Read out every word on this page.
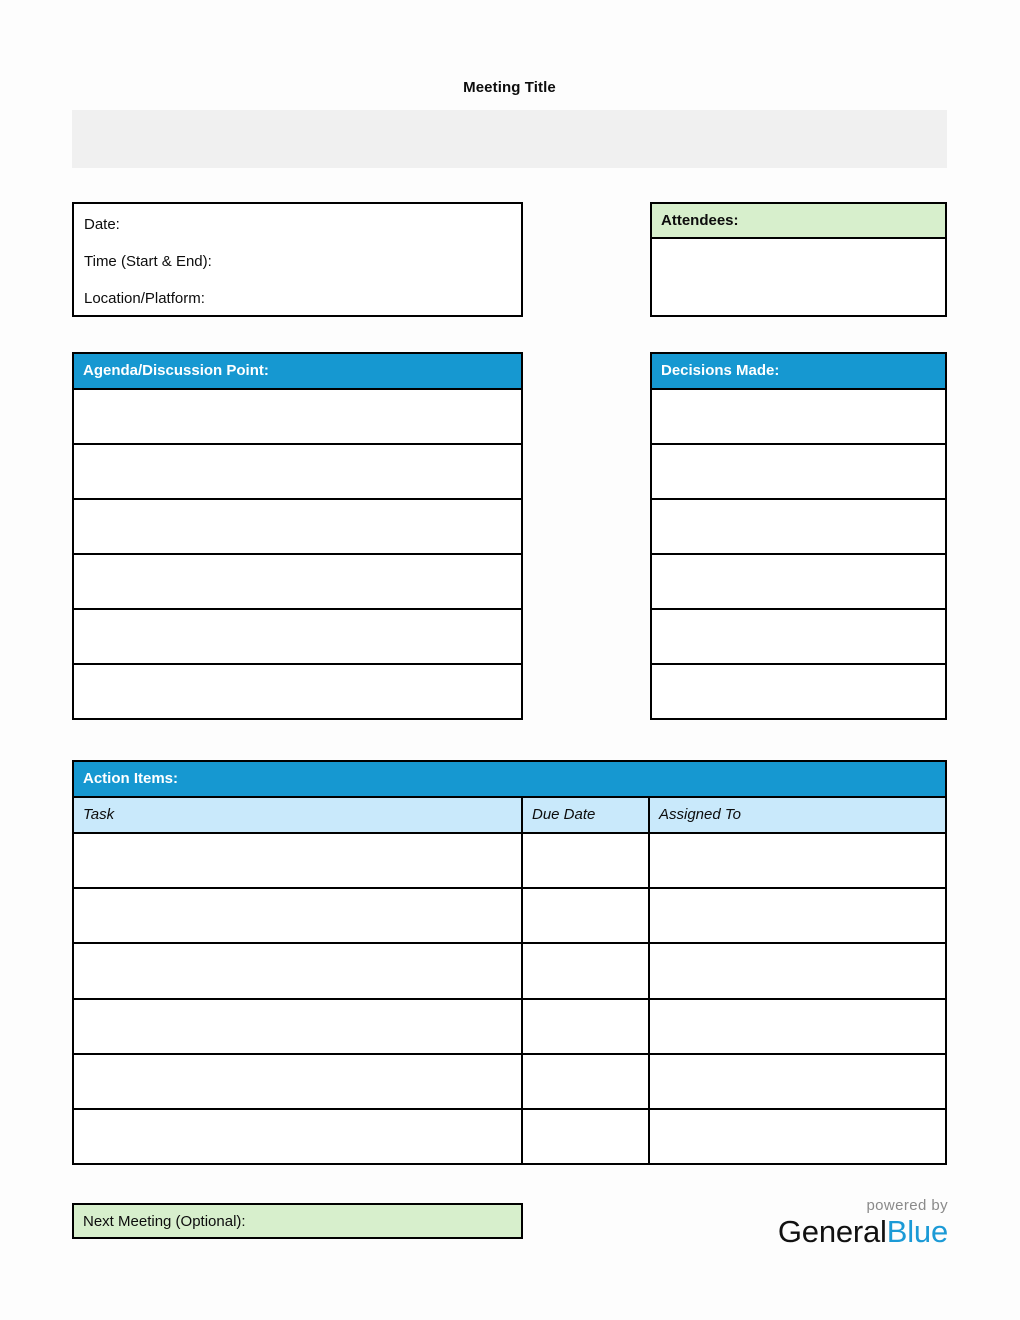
Meeting Title
Date:
Time (Start & End):
Location/Platform:
Attendees:
Agenda/Discussion Point:	Decisions Made:
Action Items:
Task	Due Date	Assigned To
Next Meeting (Optional):
powered by
GeneralBlue
